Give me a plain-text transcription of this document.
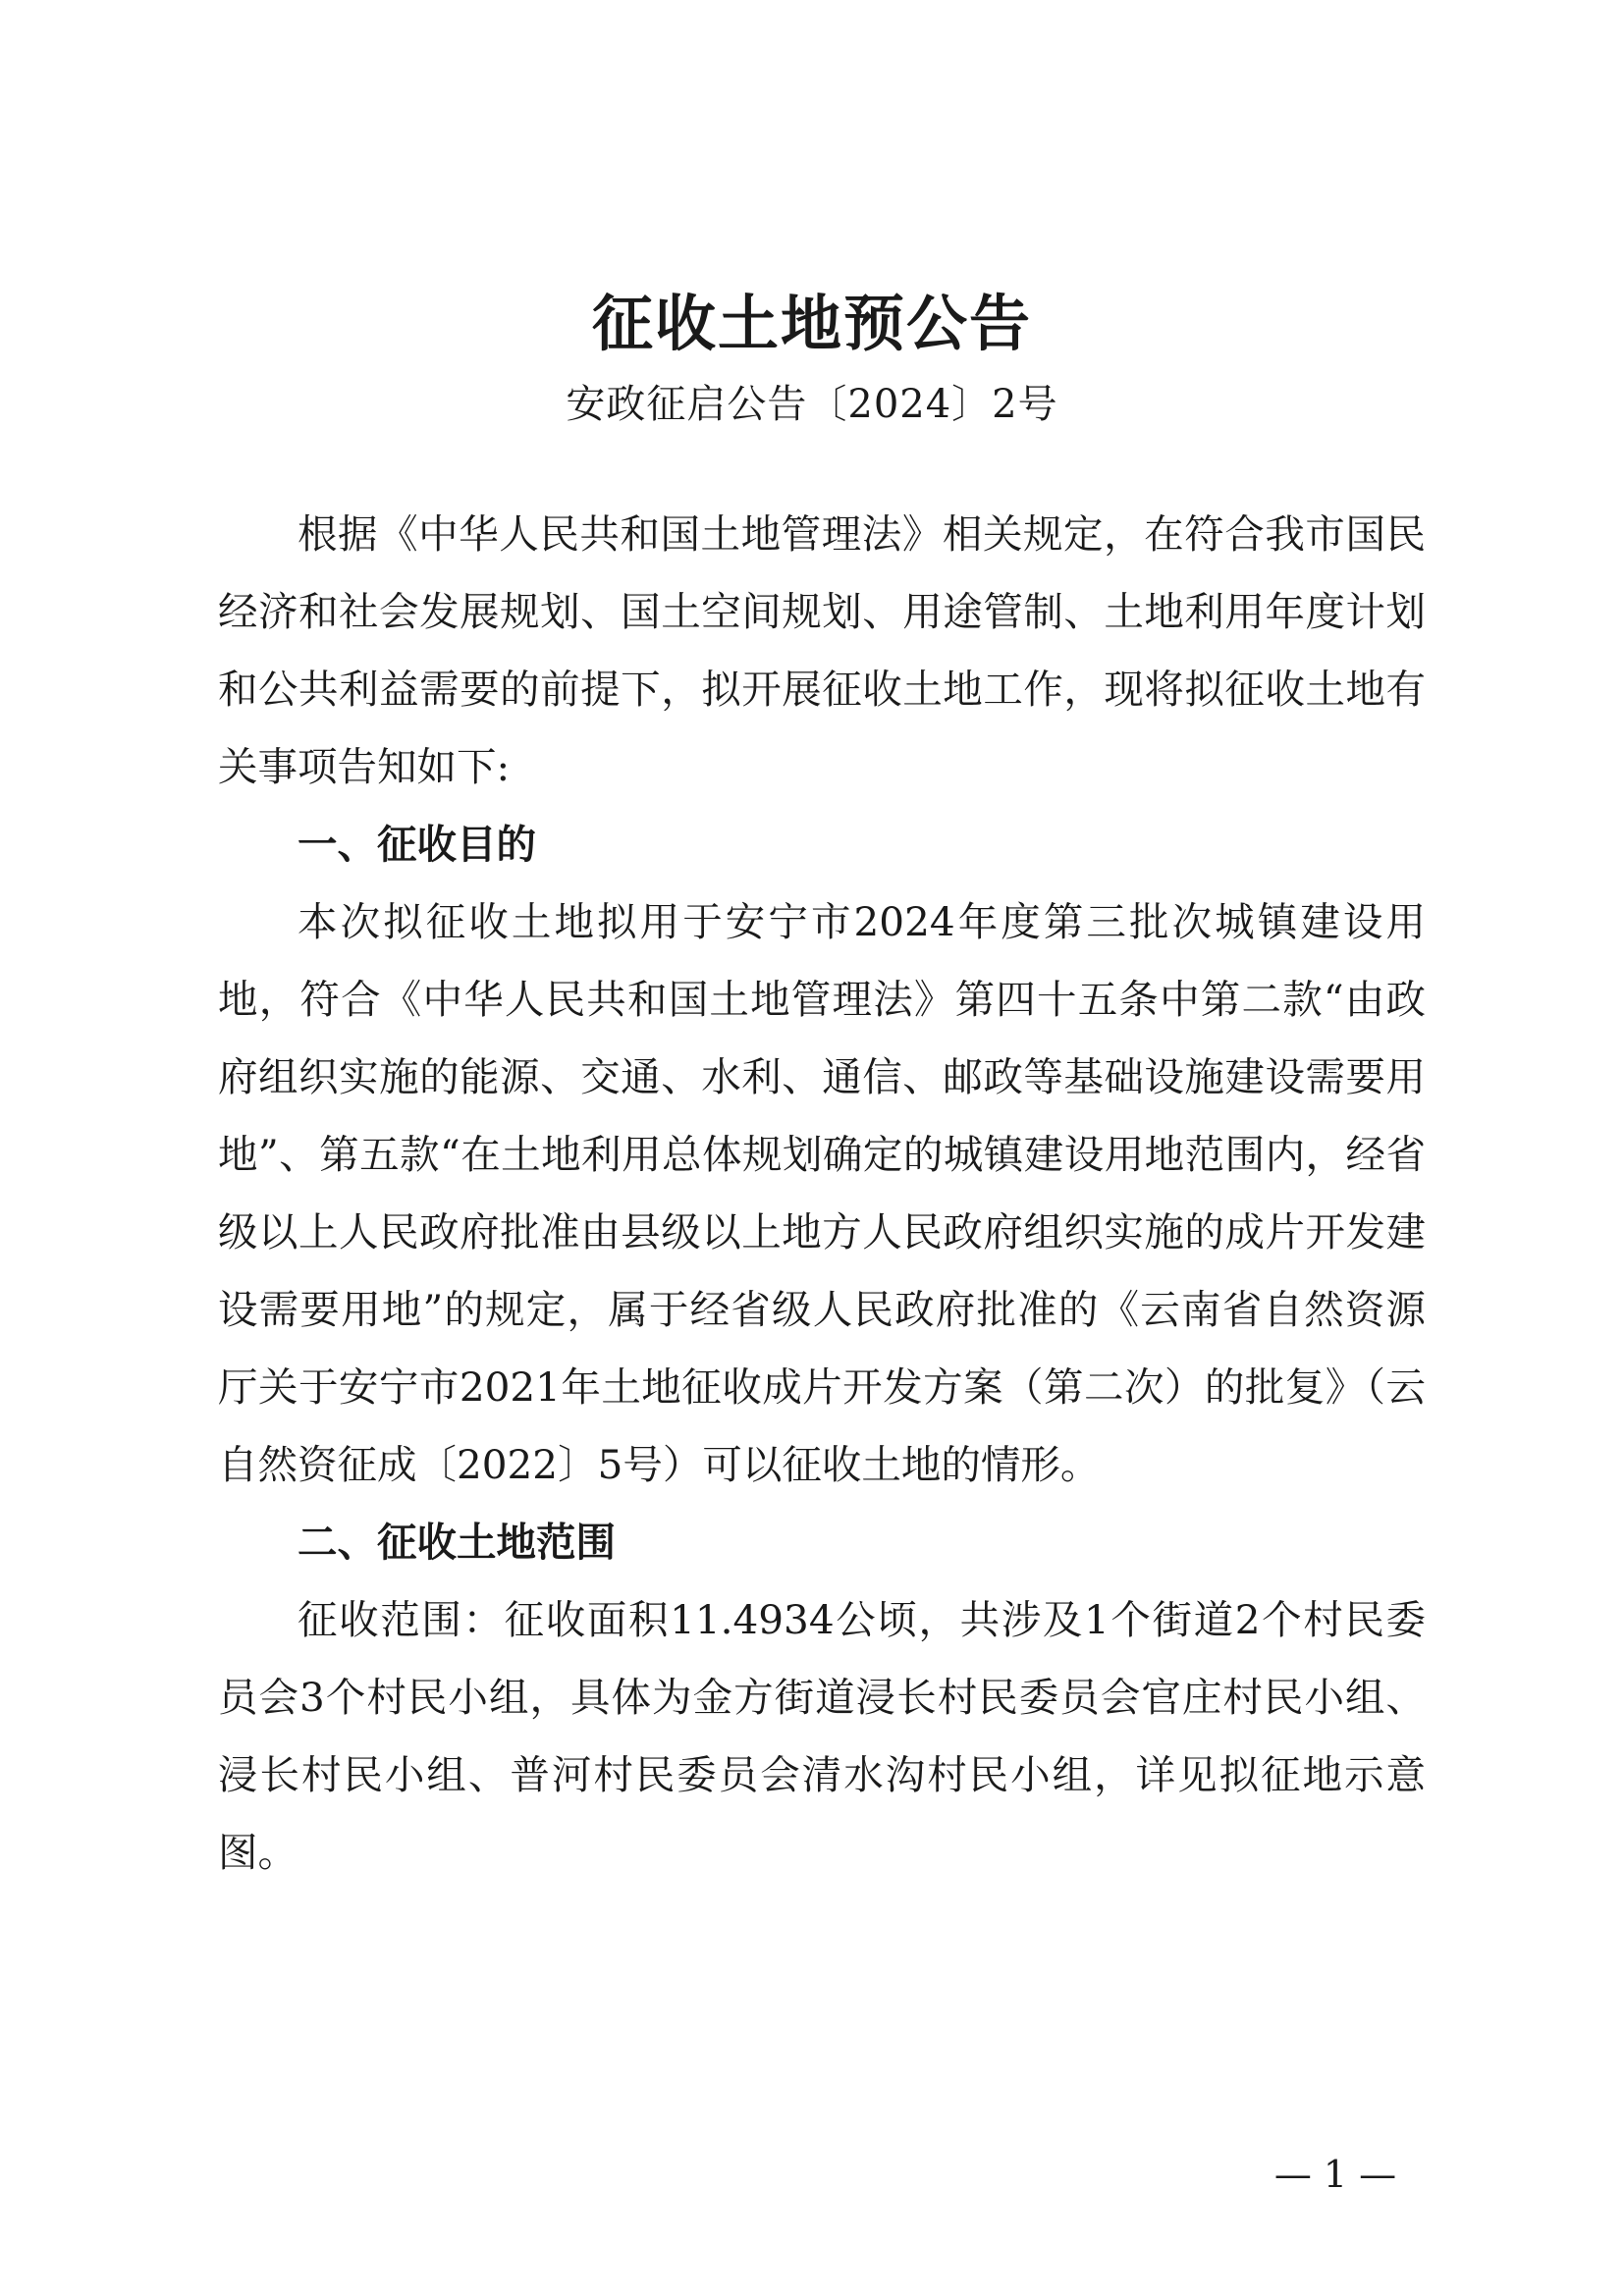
征收土地预公告
安政征启公告〔2024〕2号

根据《中华人民共和国土地管理法》相关规定，在符合我市国民经济和社会发展规划、国土空间规划、用途管制、土地利用年度计划和公共利益需要的前提下，拟开展征收土地工作，现将拟征收土地有关事项告知如下:

一、征收目的

本次拟征收土地拟用于安宁市2024年度第三批次城镇建设用地，符合《中华人民共和国土地管理法》第四十五条中第二款“由政府组织实施的能源、交通、水利、通信、邮政等基础设施建设需要用地”、第五款“在土地利用总体规划确定的城镇建设用地范围内，经省级以上人民政府批准由县级以上地方人民政府组织实施的成片开发建设需要用地”的规定，属于经省级人民政府批准的《云南省自然资源厅关于安宁市2021年土地征收成片开发方案（第二次）的批复》（云自然资征成〔2022〕5号）可以征收土地的情形。

二、征收土地范围

征收范围：征收面积11.4934公顷，共涉及1个街道2个村民委员会3个村民小组，具体为金方街道浸长村民委员会官庄村民小组、浸长村民小组、普河村民委员会清水沟村民小组，详见拟征地示意图。

— 1 —
